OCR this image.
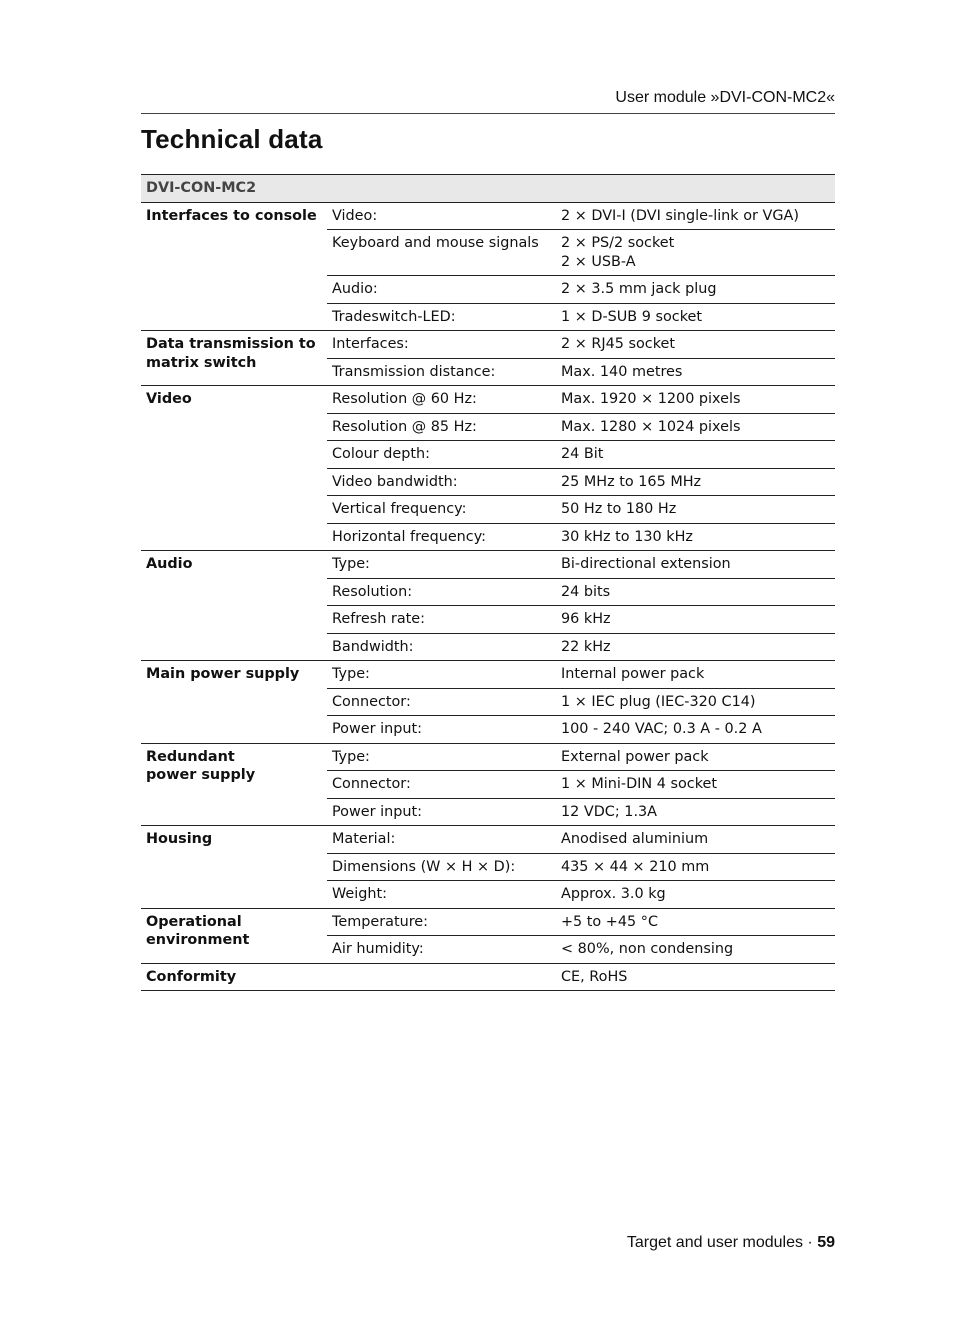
User module »DVI-CON-MC2«
Technical data
DVI-CON-MC2		
Interfaces to console	Video:	2 × DVI-I (DVI single-link or VGA)
	Keyboard and mouse signals	2 × PS/2 socket
2 × USB-A
	Audio:	2 × 3.5 mm jack plug
	Tradeswitch-LED:	1 × D-SUB 9 socket
Data transmission to matrix switch	Interfaces:	2 × RJ45 socket
	Transmission distance:	Max. 140 metres
Video	Resolution @ 60 Hz:	Max. 1920 × 1200 pixels
	Resolution @ 85 Hz:	Max. 1280 × 1024 pixels
	Colour depth:	24 Bit
	Video bandwidth:	25 MHz to 165 MHz
	Vertical frequency:	50 Hz to 180 Hz
	Horizontal frequency:	30 kHz to 130 kHz
Audio	Type:	Bi-directional extension
	Resolution:	24 bits
	Refresh rate:	96 kHz
	Bandwidth:	22 kHz
Main power supply	Type:	Internal power pack
	Connector:	1 × IEC plug (IEC-320 C14)
	Power input:	100 - 240 VAC; 0.3 A - 0.2 A
Redundant
power supply	Type:	External power pack
	Connector:	1 × Mini-DIN 4 socket
	Power input:	12 VDC; 1.3A
Housing	Material:	Anodised aluminium
	Dimensions (W × H × D):	435 × 44 × 210 mm
	Weight:	Approx. 3.0 kg
Operational
environment	Temperature:	+5 to +45 °C
	Air humidity:	< 80%, non condensing
Conformity		CE, RoHS
Target and user modules · 59
